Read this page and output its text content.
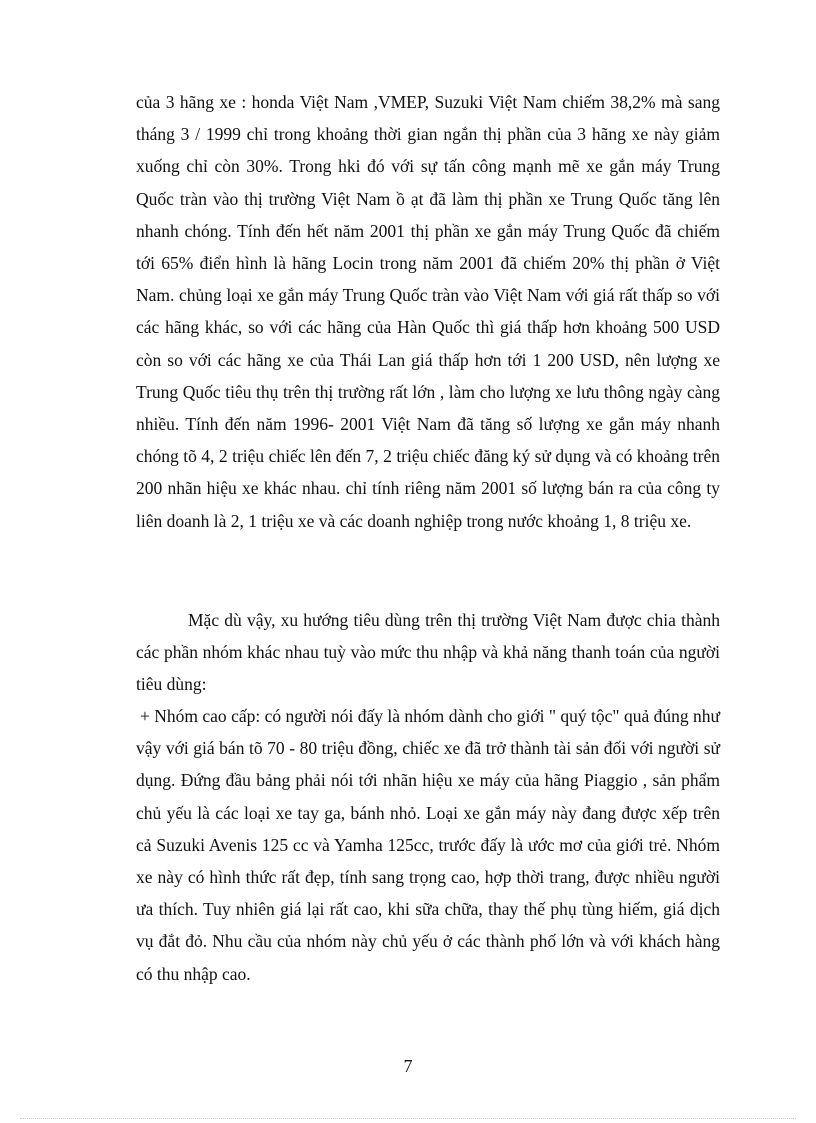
của 3 hãng xe : honda Việt Nam ,VMEP, Suzuki Việt Nam chiếm 38,2% mà sang tháng 3 / 1999 chỉ trong khoảng thời gian ngắn thị phần của 3 hãng xe này giảm xuống chỉ còn 30%. Trong hki đó với sự tấn công mạnh mẽ xe gắn máy Trung Quốc tràn vào thị trường Việt Nam ồ ạt đã làm thị phần xe Trung Quốc tăng lên nhanh chóng. Tính đến hết năm 2001 thị phần xe gắn máy Trung Quốc đã chiếm tới 65% điển hình là hãng Locin trong năm 2001 đã chiếm 20% thị phần ở Việt Nam. chủng loại xe gắn máy Trung Quốc tràn vào Việt Nam với giá rất thấp so với các hãng khác, so với các hãng của Hàn Quốc thì giá thấp hơn khoảng 500 USD còn so với các hãng xe của Thái Lan giá thấp hơn tới 1 200 USD, nên lượng xe Trung Quốc tiêu thụ trên thị trường rất lớn , làm cho lượng xe lưu thông ngày càng nhiều. Tính đến năm 1996- 2001 Việt Nam đã tăng số lượng xe gắn máy nhanh chóng tõ 4, 2 triệu chiếc lên đến 7, 2 triệu chiếc đăng ký sử dụng và có khoảng trên 200 nhãn hiệu xe khác nhau. chỉ tính riêng năm 2001 số lượng bán ra của công ty liên doanh là 2, 1 triệu xe và các doanh nghiệp trong nước khoảng 1, 8 triệu xe.

Mặc dù vậy, xu hướng tiêu dùng trên thị trường Việt Nam được chia thành các phần nhóm khác nhau tuỳ vào mức thu nhập và khả năng thanh toán của người tiêu dùng:

+ Nhóm cao cấp: có người nói đấy là nhóm dành cho giới " quý tộc" quả đúng như vậy với giá bán tõ 70 - 80 triệu đồng, chiếc xe đã trở thành tài sản đối với người sử dụng. Đứng đầu bảng phải nói tới nhãn hiệu xe máy của hãng Piaggio , sản phẩm chủ yếu là các loại xe tay ga, bánh nhỏ. Loại xe gắn máy này đang được xếp trên cả Suzuki Avenis 125 cc và Yamha 125cc, trước đấy là ước mơ của giới trẻ. Nhóm xe này có hình thức rất đẹp, tính sang trọng cao, hợp thời trang, được nhiều người ưa thích. Tuy nhiên giá lại rất cao, khi sữa chữa, thay thế phụ tùng hiếm, giá dịch vụ đắt đỏ. Nhu cầu của nhóm này chủ yếu ở các thành phố lớn và với khách hàng có thu nhập cao.

7
